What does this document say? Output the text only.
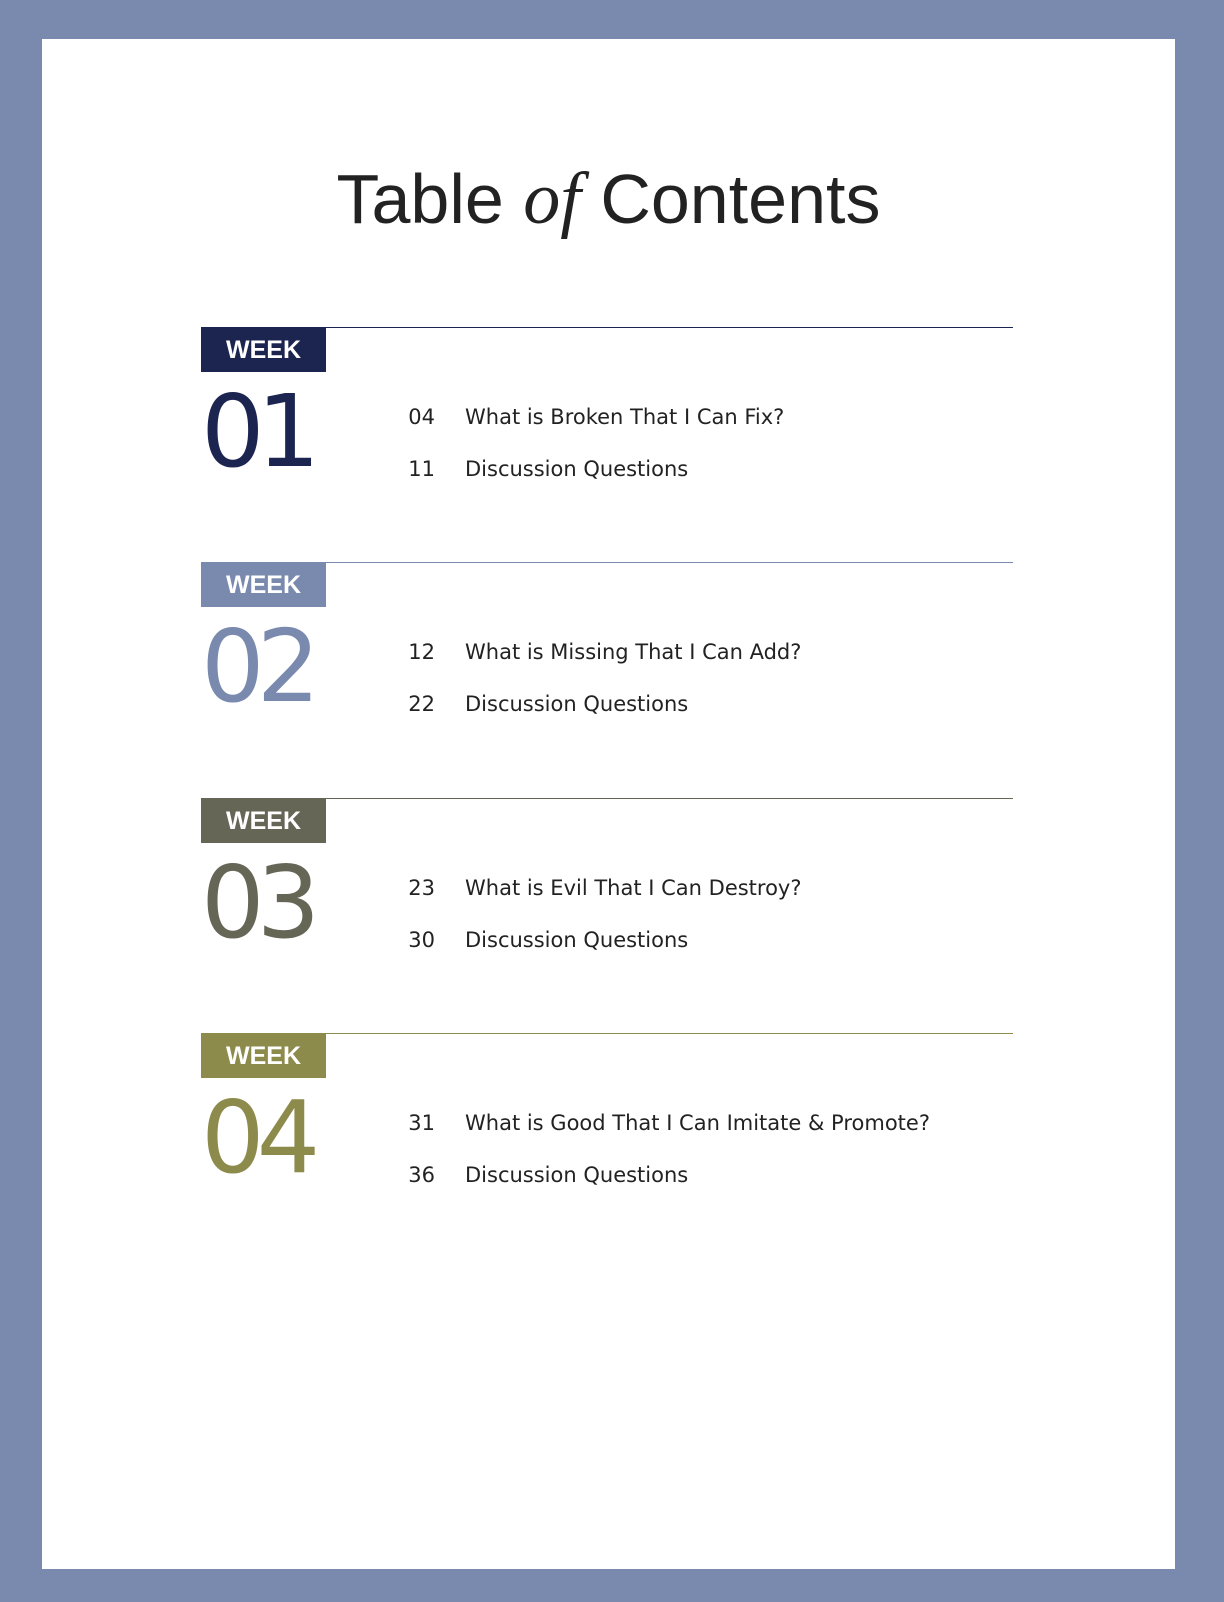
Table of Contents
WEEK
01	04 What is Broken That I Can Fix?
11 Discussion Questions
WEEK
02	12 What is Missing That I Can Add?
22 Discussion Questions
WEEK
03	23 What is Evil That I Can Destroy?
30 Discussion Questions
WEEK
04	31 What is Good That I Can Imitate & Promote?
36 Discussion Questions
